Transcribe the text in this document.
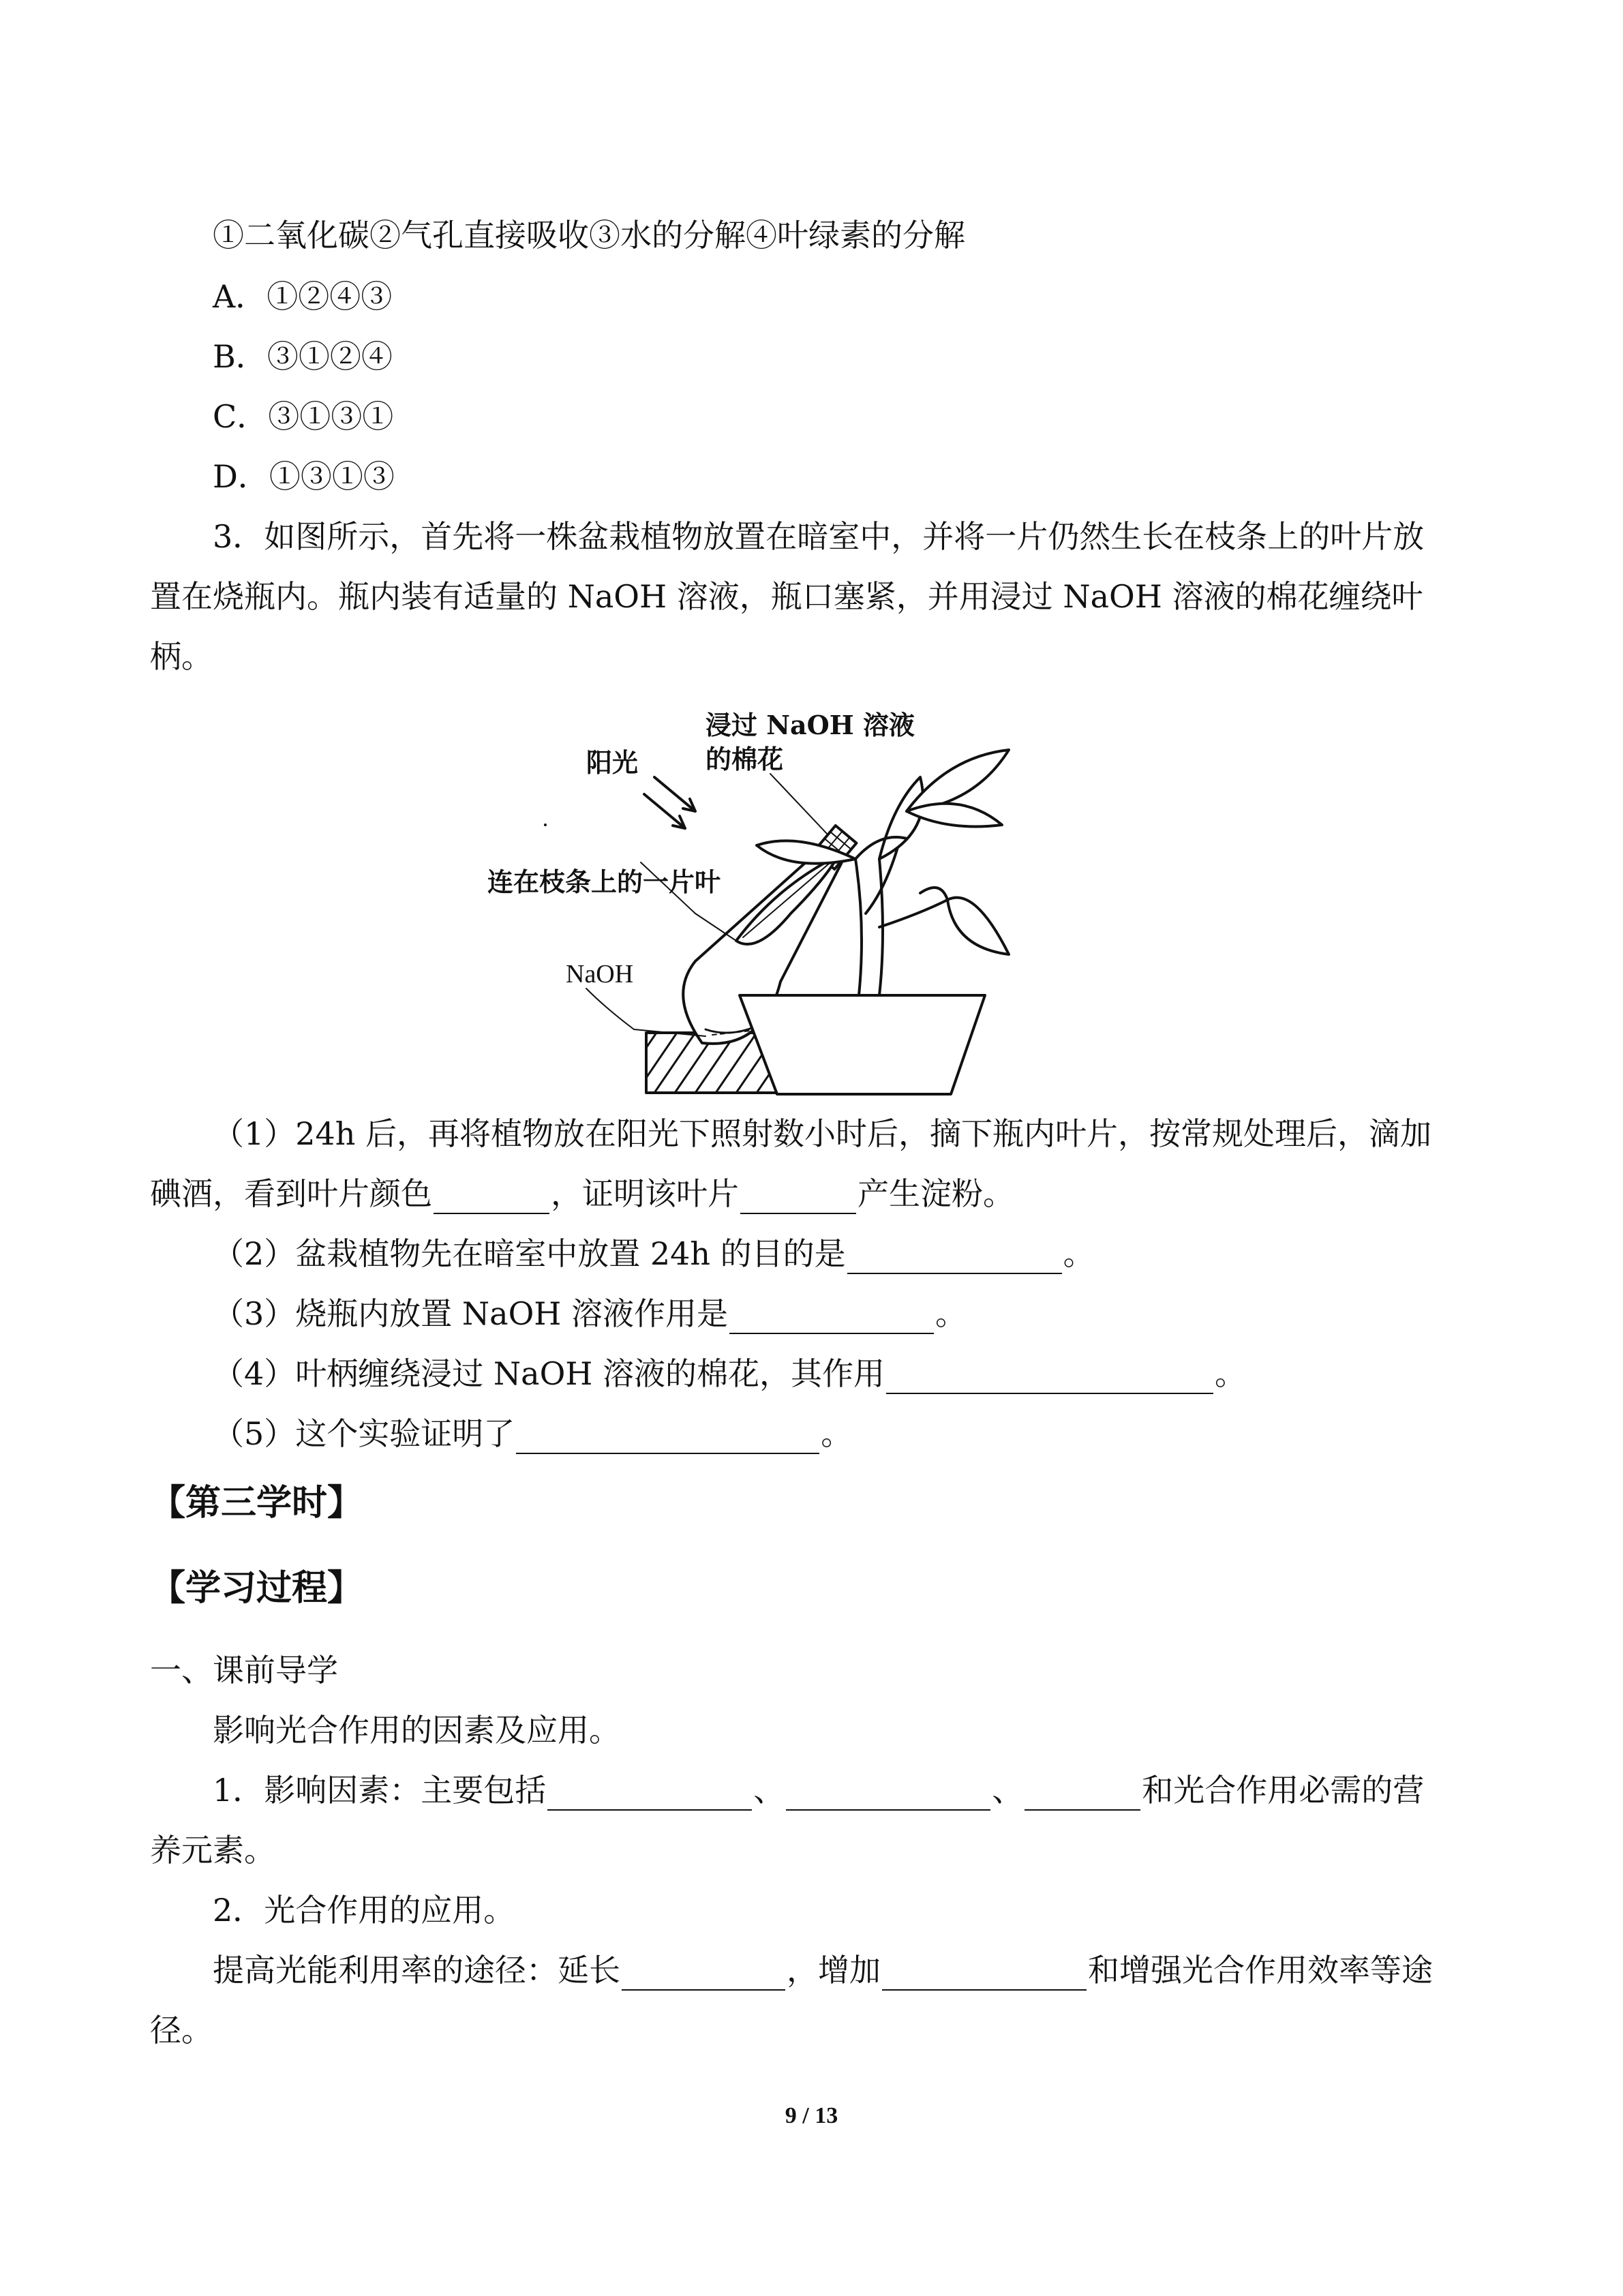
①二氧化碳②气孔直接吸收③水的分解④叶绿素的分解
A．①②④③
B．③①②④
C．③①③①
D．①③①③
3．如图所示，首先将一株盆栽植物放置在暗室中，并将一片仍然生长在枝条上的叶片放
置在烧瓶内。瓶内装有适量的 NaOH 溶液，瓶口塞紧，并用浸过 NaOH 溶液的棉花缠绕叶
柄。
浸过 NaOH 溶液
的棉花
阳光
连在枝条上的一片叶
NaOH
（1）24h 后，再将植物放在阳光下照射数小时后，摘下瓶内叶片，按常规处理后，滴加
碘酒，看到叶片颜色	，证明该叶片	产生淀粉。
（2）盆栽植物先在暗室中放置 24h 的目的是	。
（3）烧瓶内放置 NaOH 溶液作用是	。
（4）叶柄缠绕浸过 NaOH 溶液的棉花，其作用	。
（5）这个实验证明了	。
【第三学时】
【学习过程】
一、课前导学
影响光合作用的因素及应用。
1．影响因素：主要包括	、	、	和光合作用必需的营
养元素。
2．光合作用的应用。
提高光能利用率的途径：延长	，增加	和增强光合作用效率等途
径。
9 / 13
